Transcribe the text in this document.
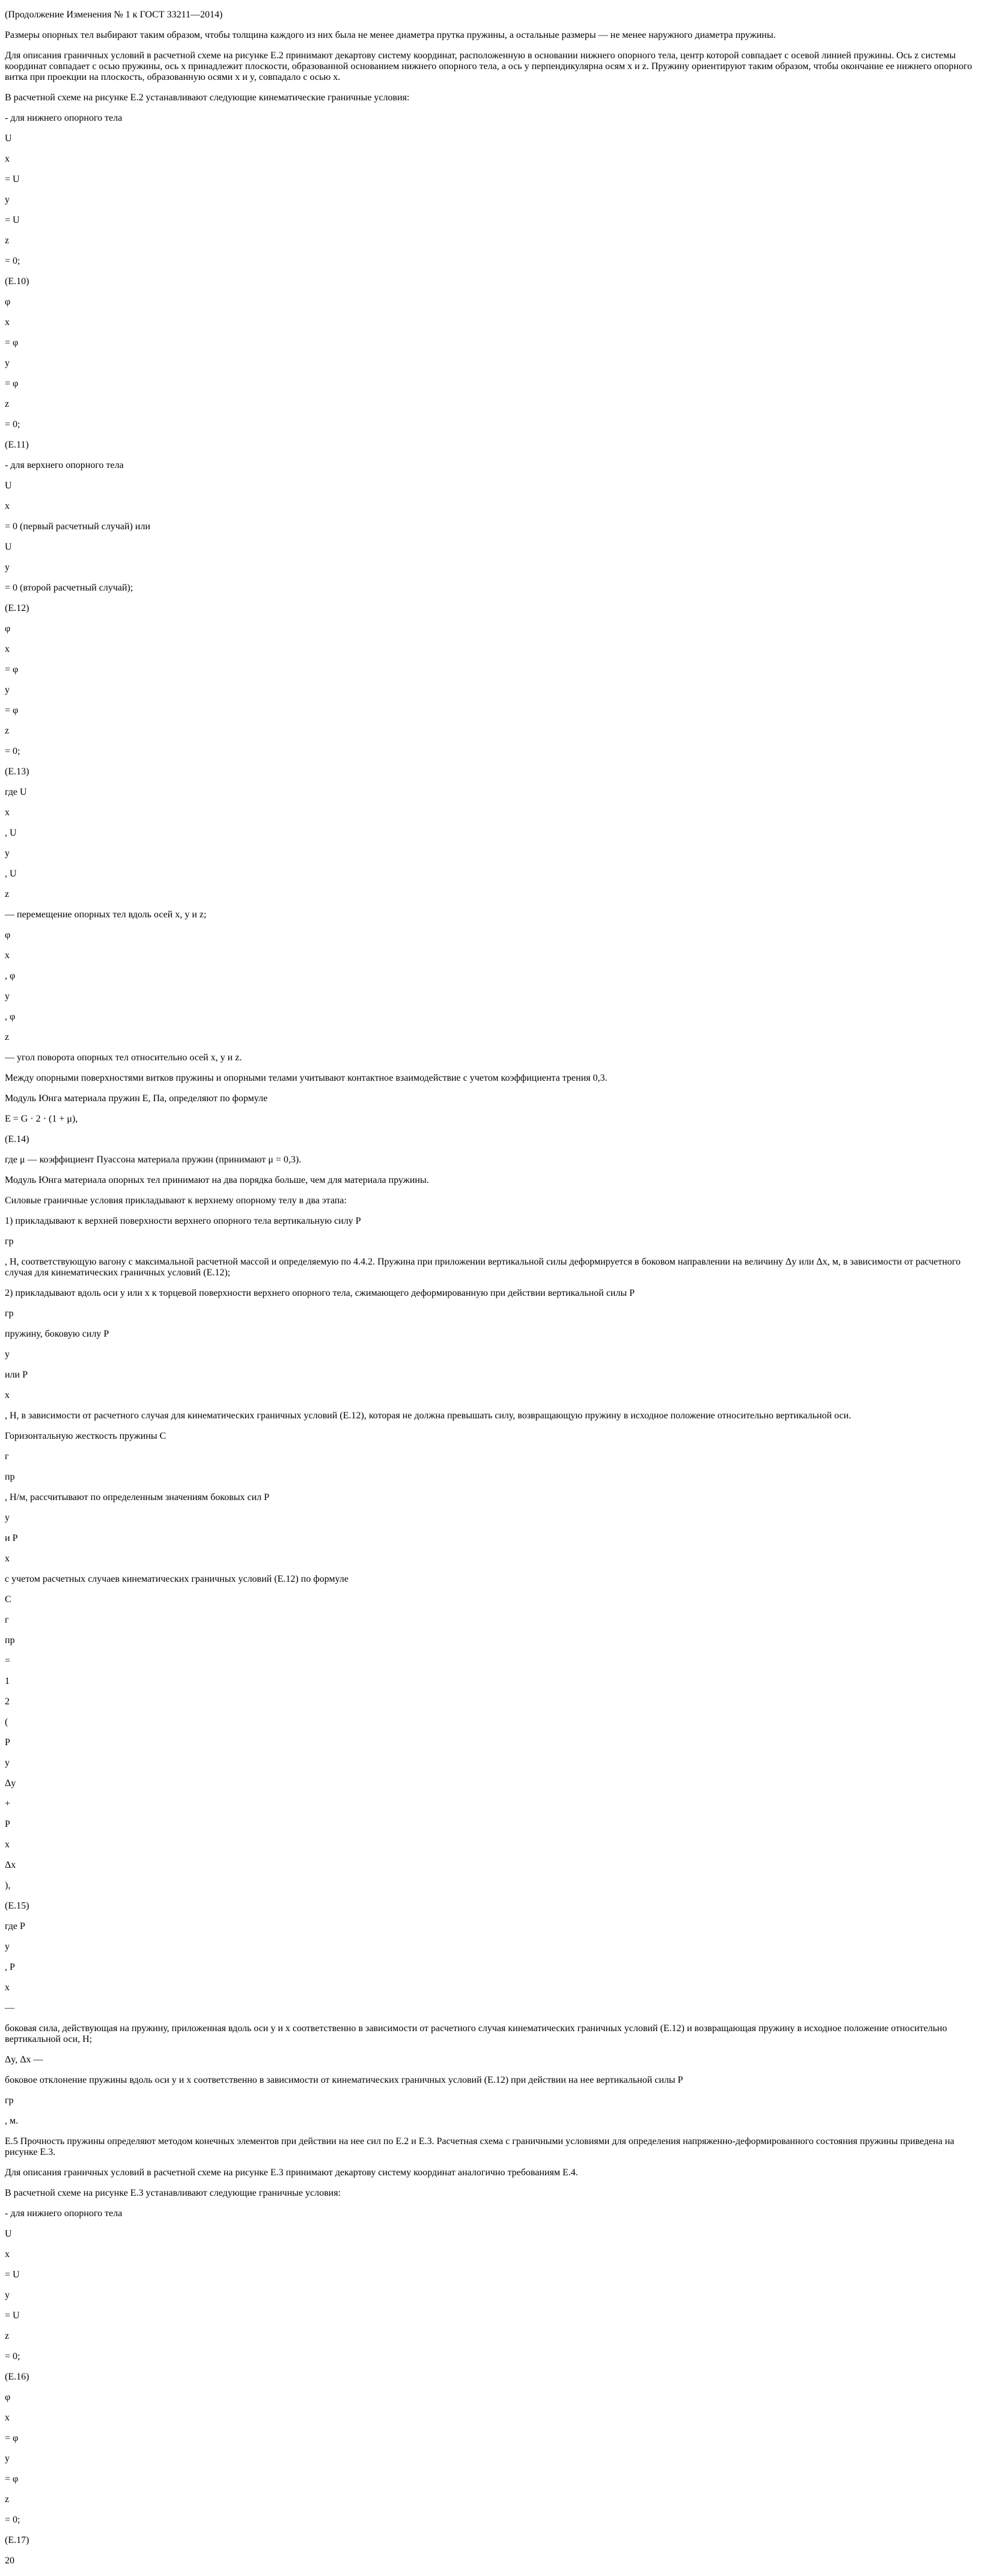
(Продолжение Изменения № 1 к ГОСТ 33211—2014)

Размеры опорных тел выбирают таким образом, чтобы толщина каждого из них была не менее диаметра прутка пружины, а остальные размеры — не менее наружного диаметра пружины.

Для описания граничных условий в расчетной схеме на рисунке Е.2 принимают декартову систему координат, расположенную в основании нижнего опорного тела, центр которой совпадает с осевой линией пружины. Ось z системы координат совпадает с осью пружины, ось x принадлежит плоскости, образованной основанием нижнего опорного тела, а ось y перпендикулярна осям x и z. Пружину ориентируют таким образом, чтобы окончание ее нижнего опорного витка при проекции на плоскость, образованную осями x и y, совпадало с осью x.

В расчетной схеме на рисунке Е.2 устанавливают следующие кинематические граничные условия:

- для нижнего опорного тела

U

x

= U

y

= U

z

= 0;

(Е.10)

φ

x

= φ

y

= φ

z

= 0;

(Е.11)

- для верхнего опорного тела

U

x

= 0 (первый расчетный случай) или

U

y

= 0 (второй расчетный случай);

(Е.12)

φ

x

= φ

y

= φ

z

= 0;

(Е.13)

где U

x

, U

y

, U

z

— перемещение опорных тел вдоль осей x, y и z;

φ

x

, φ

y

, φ

z

— угол поворота опорных тел относительно осей x, y и z.

Между опорными поверхностями витков пружины и опорными телами учитывают контактное взаимодействие с учетом коэффициента трения 0,3.

Модуль Юнга материала пружин E, Па, определяют по формуле

E = G · 2 · (1 + μ),

(Е.14)

где μ — коэффициент Пуассона материала пружин (принимают μ = 0,3).

Модуль Юнга материала опорных тел принимают на два порядка больше, чем для материала пружины.

Силовые граничные условия прикладывают к верхнему опорному телу в два этапа:

1) прикладывают к верхней поверхности верхнего опорного тела вертикальную силу P

гр

, Н, соответствующую вагону с максимальной расчетной массой и определяемую по 4.4.2. Пружина при приложении вертикальной силы деформируется в боковом направлении на величину Δy или Δx, м, в зависимости от расчетного случая для кинематических граничных условий (Е.12);

2) прикладывают вдоль оси y или x к торцевой поверхности верхнего опорного тела, сжимающего деформированную при действии вертикальной силы P

гр

пружину, боковую силу P

y

или P

x

, Н, в зависимости от расчетного случая для кинематических граничных условий (Е.12), которая не должна превышать силу, возвращающую пружину в исходное положение относительно вертикальной оси.

Горизонтальную жесткость пружины C

г

пр

, Н/м, рассчитывают по определенным значениям боковых сил P

y

и P

x

с учетом расчетных случаев кинематических граничных условий (Е.12) по формуле

C

г

пр

=

1

2

(

P

y

Δy

+

P

x

Δx

),

(Е.15)

где P

y

, P

x

—

боковая сила, действующая на пружину, приложенная вдоль оси y и x соответственно в зависимости от расчетного случая кинематических граничных условий (Е.12) и возвращающая пружину в исходное положение относительно вертикальной оси, Н;

Δy, Δx —

боковое отклонение пружины вдоль оси y и x соответственно в зависимости от кинематических граничных условий (Е.12) при действии на нее вертикальной силы P

гр

, м.

Е.5 Прочность пружины определяют методом конечных элементов при действии на нее сил по Е.2 и Е.3. Расчетная схема с граничными условиями для определения напряженно-деформированного состояния пружины приведена на рисунке Е.3.

Для описания граничных условий в расчетной схеме на рисунке Е.3 принимают декартову систему координат аналогично требованиям Е.4.

В расчетной схеме на рисунке Е.3 устанавливают следующие граничные условия:

- для нижнего опорного тела

U

x

= U

y

= U

z

= 0;

(Е.16)

φ

x

= φ

y

= φ

z

= 0;

(Е.17)

20
